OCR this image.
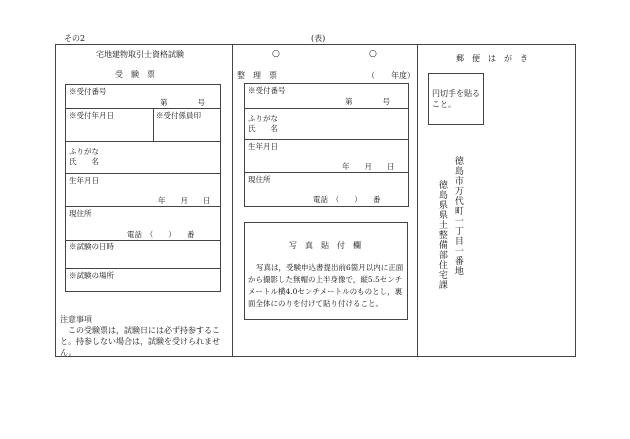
その2	(表)
宅地建物取引士資格試験
受　験　票
※受付番号
第　　　　号
※受付年月日	※受付係員印
ふりがな
氏　　名
生年月日
年　　月　　日
現住所
電話　（　　）　　番
※試験の日時
※試験の場所
注意事項
この受験票は，試験日には必ず持参すること。持参しない場合は，試験を受けられません。
○	○
整　理　票	（　　年度）
※受付番号
第　　　　号
ふりがな
氏　　名
生年月日
年　　月　　日
現住所
電話　（　　）　　番
写　真　貼　付　欄
写真は，受験申込書提出前6箇月以内に正面から撮影した無帽の上半身像で，縦5.5センチメートル横4.0センチメートルのものとし，裏面全体にのりを付けて貼り付けること。
郵　便　は　が　き
円切手を貼ること。
徳島市万代町一丁目一番地
徳島県県土整備部住宅課
